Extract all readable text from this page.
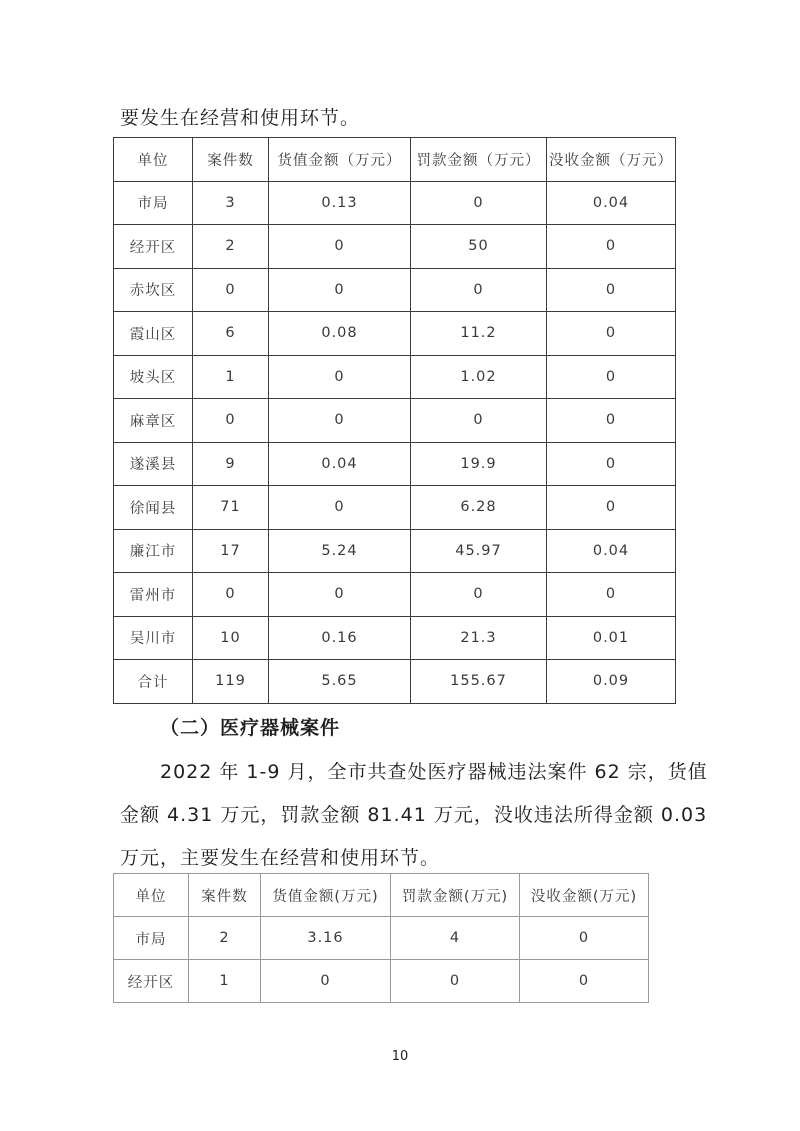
要发生在经营和使用环节。
单位	案件数	货值金额（万元）	罚款金额（万元）	没收金额（万元）
市局	3	0.13	0	0.04
经开区	2	0	50	0
赤坎区	0	0	0	0
霞山区	6	0.08	11.2	0
坡头区	1	0	1.02	0
麻章区	0	0	0	0
遂溪县	9	0.04	19.9	0
徐闻县	71	0	6.28	0
廉江市	17	5.24	45.97	0.04
雷州市	0	0	0	0
吴川市	10	0.16	21.3	0.01
合计	119	5.65	155.67	0.09
（二）医疗器械案件
2022 年 1-9 月，全市共查处医疗器械违法案件 62 宗，货值
金额 4.31 万元，罚款金额 81.41 万元，没收违法所得金额 0.03
万元，主要发生在经营和使用环节。
单位	案件数	货值金额(万元)	罚款金额(万元)	没收金额(万元)
市局	2	3.16	4	0
经开区	1	0	0	0
10
